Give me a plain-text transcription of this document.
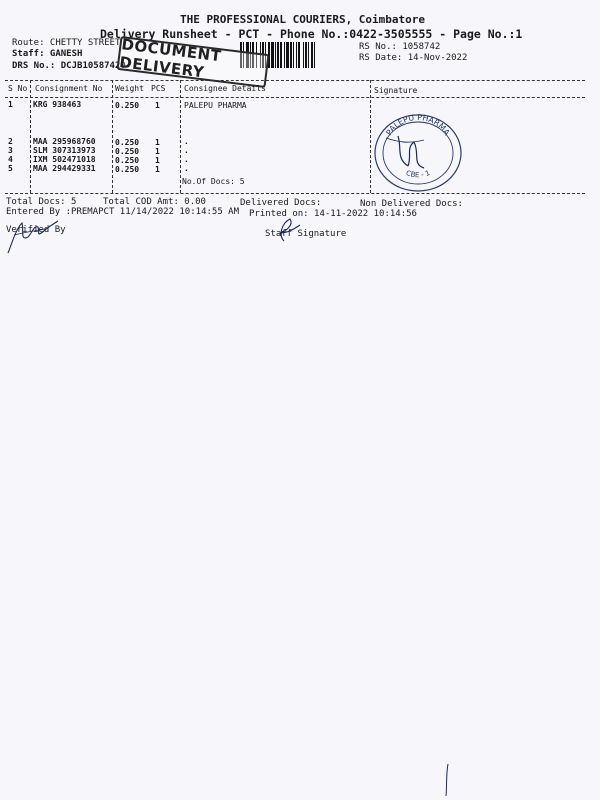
THE PROFESSIONAL COURIERS, Coimbatore
Delivery Runsheet - PCT - Phone No.:0422-3505555 - Page No.:1
Route: CHETTY STREET
Staff: GANESH
DRS No.: DCJB10587420
RS No.: 1058742
RS Date: 14-Nov-2022
DOCUMENT DELIVERY
S No Consignment No Weight PCS Consignee Details	Signature
1	KRG 938463	0.250 1	PALEPU PHARMA
2	MAA 295968760 0.250 1	.
3	SLM 307313973 0.250 1	.
4	IXM 502471018 0.250 1	.
5	MAA 294429331 0.250 1	.
No.Of Docs: 5
PALEPU PHARMA
CBE - 1
Total Docs: 5	Total COD Amt: 0.00	Delivered Docs:	Non Delivered Docs:
Entered By :PREMAPCT 11/14/2022 10:14:55 AM Printed on: 14-11-2022 10:14:56
Verified By	Staff Signature
